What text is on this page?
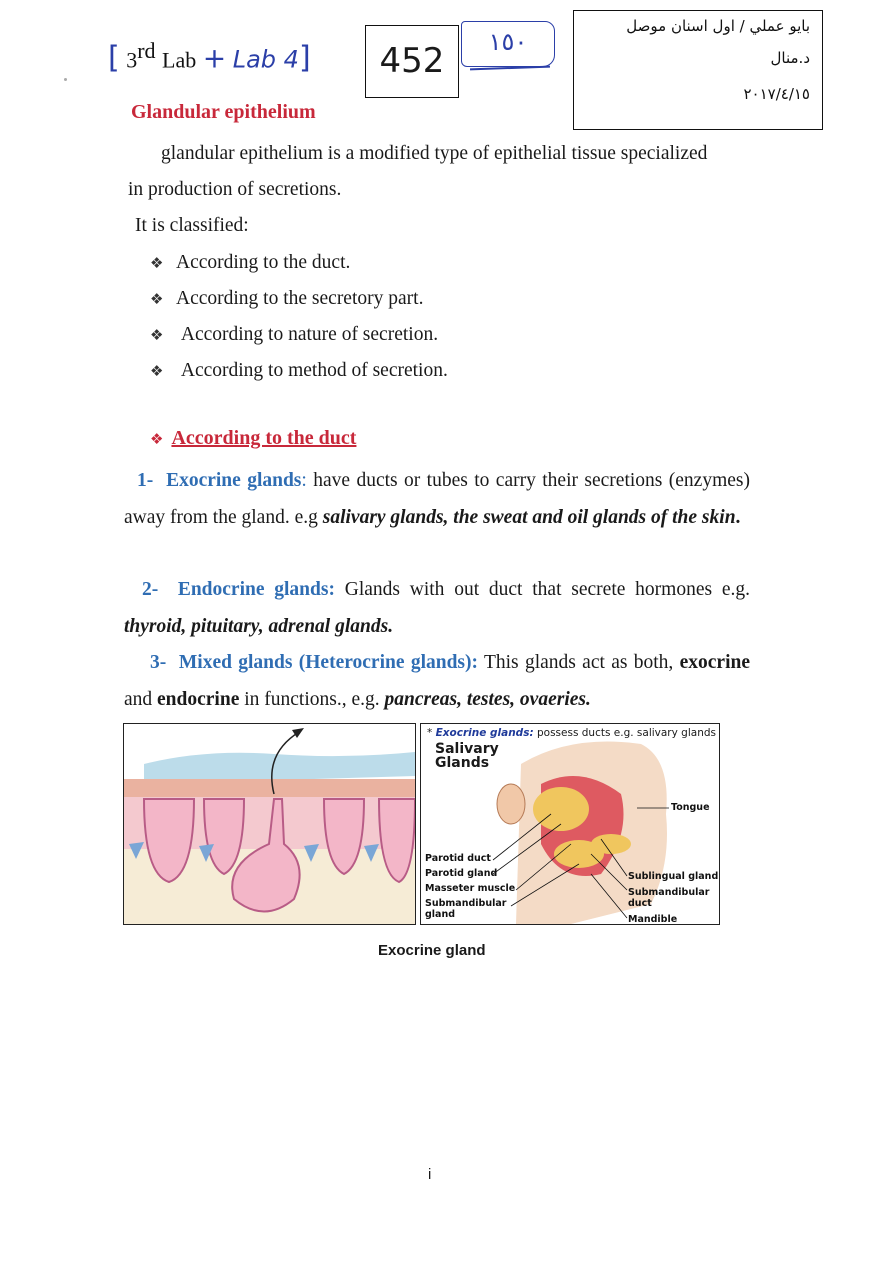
[ 3rd Lab + Lab 4]	452	١٥٠
بايو عملي / اول اسنان موصل
د.منال
٢٠١٧/٤/١٥
Glandular epithelium
glandular epithelium is a modified type of epithelial tissue specialized
in production of secretions.
It is classified:
❖ According to the duct.
❖ According to the secretory part.
❖ According to nature of secretion.
❖ According to method of secretion.
❖ According to the duct
1- Exocrine glands: have ducts or tubes to carry their secretions (enzymes) away from the gland. e.g salivary glands, the sweat and oil glands of the skin.
2- Endocrine glands: Glands with out duct that secrete hormones e.g. thyroid, pituitary, adrenal glands.
3- Mixed glands (Heterocrine glands): This glands act as both, exocrine and endocrine in functions., e.g. pancreas, testes, ovaeries.
* Exocrine glands: possess ducts e.g. salivary glands
Salivary
Glands
Tongue
Parotid duct
Parotid gland
Masseter muscle
Submandibular
gland
Sublingual gland
Submandibular
duct
Mandible
Exocrine gland
i
